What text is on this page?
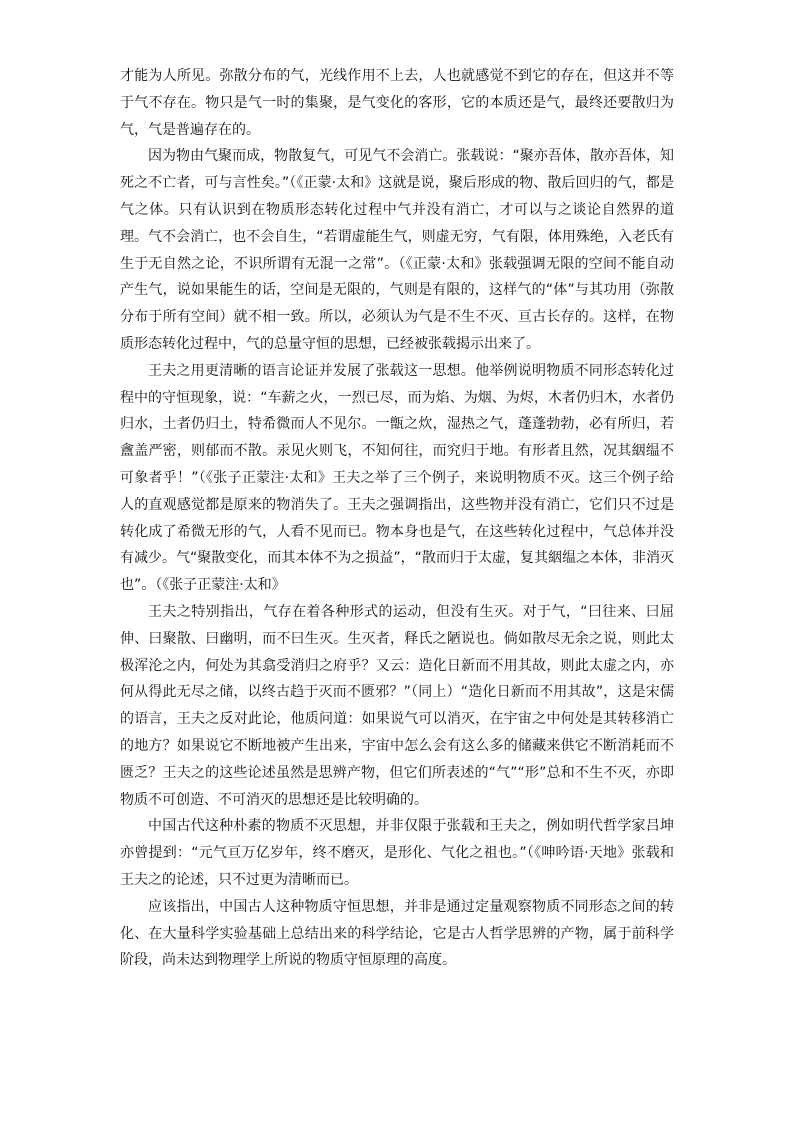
才能为人所见。弥散分布的气，光线作用不上去，人也就感觉不到它的存在，但这并不等于气不存在。物只是气一时的集聚，是气变化的客形，它的本质还是气，最终还要散归为气，气是普遍存在的。

因为物由气聚而成，物散复气，可见气不会消亡。张载说：“聚亦吾体，散亦吾体，知死之不亡者，可与言性矣。”（《正蒙·太和》这就是说，聚后形成的物、散后回归的气，都是气之体。只有认识到在物质形态转化过程中气并没有消亡，才可以与之谈论自然界的道理。气不会消亡，也不会自生，“若谓虚能生气，则虚无穷，气有限，体用殊绝，入老氏有生于无自然之论，不识所谓有无混一之常”。（《正蒙·太和》张载强调无限的空间不能自动产生气，说如果能生的话，空间是无限的，气则是有限的，这样气的“体”与其功用（弥散分布于所有空间）就不相一致。所以，必须认为气是不生不灭、亘古长存的。这样，在物质形态转化过程中，气的总量守恒的思想，已经被张载揭示出来了。

王夫之用更清晰的语言论证并发展了张载这一思想。他举例说明物质不同形态转化过程中的守恒现象，说：“车薪之火，一烈已尽，而为焰、为烟、为烬，木者仍归木，水者仍归水，土者仍归土，特希微而人不见尔。一甑之炊，湿热之气，蓬蓬勃勃，必有所归，若盦盖严密，则郁而不散。汞见火则飞，不知何往，而究归于地。有形者且然，况其絪缊不可象者乎！”（《张子正蒙注·太和》王夫之举了三个例子，来说明物质不灭。这三个例子给人的直观感觉都是原来的物消失了。王夫之强调指出，这些物并没有消亡，它们只不过是转化成了希微无形的气，人看不见而已。物本身也是气，在这些转化过程中，气总体并没有减少。气“聚散变化，而其本体不为之损益”，“散而归于太虚，复其絪缊之本体，非消灭也”。（《张子正蒙注·太和》

王夫之特别指出，气存在着各种形式的运动，但没有生灭。对于气，“曰往来、曰屈伸、曰聚散、曰幽明，而不曰生灭。生灭者，释氏之陋说也。倘如散尽无余之说，则此太极浑沦之内，何处为其翕受消归之府乎？又云：造化日新而不用其故，则此太虚之内，亦何从得此无尽之储，以终古趋于灭而不匮邪？”（同上）“造化日新而不用其故”，这是宋儒的语言，王夫之反对此论，他质问道：如果说气可以消灭，在宇宙之中何处是其转移消亡的地方？如果说它不断地被产生出来，宇宙中怎么会有这么多的储藏来供它不断消耗而不匮乏？王夫之的这些论述虽然是思辨产物，但它们所表述的“气”“形”总和不生不灭，亦即物质不可创造、不可消灭的思想还是比较明确的。

中国古代这种朴素的物质不灭思想，并非仅限于张载和王夫之，例如明代哲学家吕坤亦曾提到：“元气亘万亿岁年，终不磨灭，是形化、气化之祖也。”（《呻吟语·天地》张载和王夫之的论述，只不过更为清晰而已。

应该指出，中国古人这种物质守恒思想，并非是通过定量观察物质不同形态之间的转化、在大量科学实验基础上总结出来的科学结论，它是古人哲学思辨的产物，属于前科学阶段，尚未达到物理学上所说的物质守恒原理的高度。
